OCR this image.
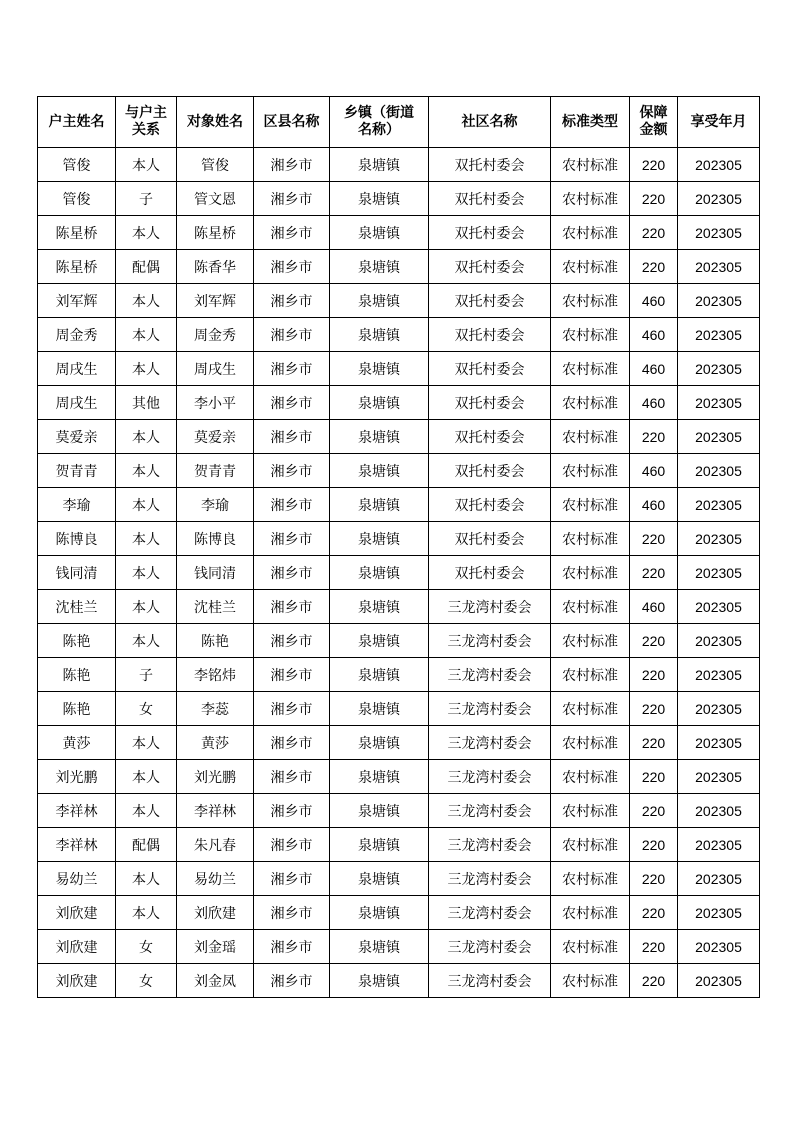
户主姓名	与户主关系	对象姓名	区县名称	乡镇（街道名称）	社区名称	标准类型	保障金额	享受年月
管俊	本人	管俊	湘乡市	泉塘镇	双托村委会	农村标准	220	202305
管俊	子	管文恩	湘乡市	泉塘镇	双托村委会	农村标准	220	202305
陈星桥	本人	陈星桥	湘乡市	泉塘镇	双托村委会	农村标准	220	202305
陈星桥	配偶	陈香华	湘乡市	泉塘镇	双托村委会	农村标准	220	202305
刘军辉	本人	刘军辉	湘乡市	泉塘镇	双托村委会	农村标准	460	202305
周金秀	本人	周金秀	湘乡市	泉塘镇	双托村委会	农村标准	460	202305
周戌生	本人	周戌生	湘乡市	泉塘镇	双托村委会	农村标准	460	202305
周戌生	其他	李小平	湘乡市	泉塘镇	双托村委会	农村标准	460	202305
莫爱亲	本人	莫爱亲	湘乡市	泉塘镇	双托村委会	农村标准	220	202305
贺青青	本人	贺青青	湘乡市	泉塘镇	双托村委会	农村标准	460	202305
李瑜	本人	李瑜	湘乡市	泉塘镇	双托村委会	农村标准	460	202305
陈博良	本人	陈博良	湘乡市	泉塘镇	双托村委会	农村标准	220	202305
钱同清	本人	钱同清	湘乡市	泉塘镇	双托村委会	农村标准	220	202305
沈桂兰	本人	沈桂兰	湘乡市	泉塘镇	三龙湾村委会	农村标准	460	202305
陈艳	本人	陈艳	湘乡市	泉塘镇	三龙湾村委会	农村标准	220	202305
陈艳	子	李铭炜	湘乡市	泉塘镇	三龙湾村委会	农村标准	220	202305
陈艳	女	李蕊	湘乡市	泉塘镇	三龙湾村委会	农村标准	220	202305
黄莎	本人	黄莎	湘乡市	泉塘镇	三龙湾村委会	农村标准	220	202305
刘光鹏	本人	刘光鹏	湘乡市	泉塘镇	三龙湾村委会	农村标准	220	202305
李祥林	本人	李祥林	湘乡市	泉塘镇	三龙湾村委会	农村标准	220	202305
李祥林	配偶	朱凡春	湘乡市	泉塘镇	三龙湾村委会	农村标准	220	202305
易幼兰	本人	易幼兰	湘乡市	泉塘镇	三龙湾村委会	农村标准	220	202305
刘欣建	本人	刘欣建	湘乡市	泉塘镇	三龙湾村委会	农村标准	220	202305
刘欣建	女	刘金瑶	湘乡市	泉塘镇	三龙湾村委会	农村标准	220	202305
刘欣建	女	刘金凤	湘乡市	泉塘镇	三龙湾村委会	农村标准	220	202305
